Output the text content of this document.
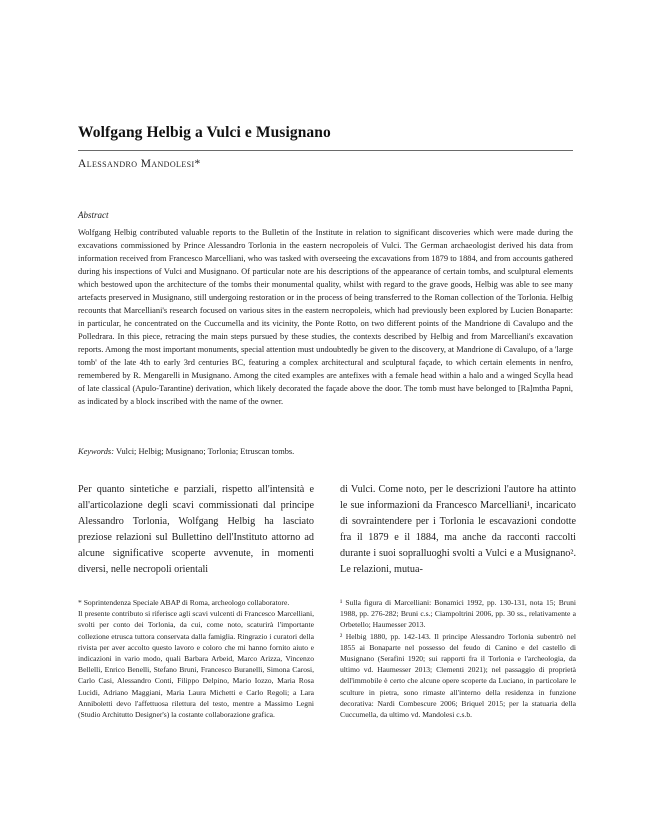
Wolfgang Helbig a Vulci e Musignano
Alessandro Mandolesi*
Abstract

Wolfgang Helbig contributed valuable reports to the Bulletin of the Institute in relation to significant discoveries which were made during the excavations commissioned by Prince Alessandro Torlonia in the eastern necropoleis of Vulci. The German archaeologist derived his data from information received from Francesco Marcelliani, who was tasked with overseeing the excavations from 1879 to 1884, and from accounts gathered during his inspections of Vulci and Musignano. Of particular note are his descriptions of the appearance of certain tombs, and sculptural elements which bestowed upon the architecture of the tombs their monumental quality, whilst with regard to the grave goods, Helbig was able to see many artefacts preserved in Musignano, still undergoing restoration or in the process of being transferred to the Roman collection of the Torlonia. Helbig recounts that Marcelliani's research focused on various sites in the eastern necropoleis, which had previously been explored by Lucien Bonaparte: in particular, he concentrated on the Cuccumella and its vicinity, the Ponte Rotto, on two different points of the Mandrione di Cavalupo and the Polledrara. In this piece, retracing the main steps pursued by these studies, the contexts described by Helbig and from Marcelliani's excavation reports. Among the most important monuments, special attention must undoubtedly be given to the discovery, at Mandrione di Cavalupo, of a 'large tomb' of the late 4th to early 3rd centuries BC, featuring a complex architectural and sculptural façade, to which certain elements in nenfro, remembered by R. Mengarelli in Musignano. Among the cited examples are antefixes with a female head within a halo and a winged Scylla head of late classical (Apulo-Tarantine) derivation, which likely decorated the façade above the door. The tomb must have belonged to [Ra]mtha Papni, as indicated by a block inscribed with the name of the owner.

Keywords: Vulci; Helbig; Musignano; Torlonia; Etruscan tombs.

Per quanto sintetiche e parziali, rispetto all'intensità e all'articolazione degli scavi commissionati dal principe Alessandro Torlonia, Wolfgang Helbig ha lasciato preziose relazioni sul Bullettino dell'Instituto attorno ad alcune significative scoperte avvenute, in momenti diversi, nelle necropoli orientali

di Vulci. Come noto, per le descrizioni l'autore ha attinto le sue informazioni da Francesco Marcelliani¹, incaricato di sovraintendere per i Torlonia le escavazioni condotte fra il 1879 e il 1884, ma anche da racconti raccolti durante i suoi sopralluoghi svolti a Vulci e a Musignano². Le relazioni, mutua-

* Soprintendenza Speciale ABAP di Roma, archeologo collaboratore.

Il presente contributo si riferisce agli scavi vulcenti di Francesco Marcelliani, svolti per conto dei Torlonia, da cui, come noto, scaturirà l'importante collezione etrusca tuttora conservata dalla famiglia. Ringrazio i curatori della rivista per aver accolto questo lavoro e coloro che mi hanno fornito aiuto e indicazioni in vario modo, quali Barbara Arbeid, Marco Arizza, Vincenzo Bellelli, Enrico Benelli, Stefano Bruni, Francesco Buranelli, Simona Carosi, Carlo Casi, Alessandro Conti, Filippo Delpino, Mario Iozzo, Maria Rosa Lucidi, Adriano Maggiani, Maria Laura Michetti e Carlo Regoli; a Lara Anniboletti devo l'affettuosa rilettura del testo, mentre a Massimo Legni (Studio Architutto Designer's) la costante collaborazione grafica.

¹ Sulla figura di Marcelliani: Bonamici 1992, pp. 130-131, nota 15; Bruni 1988, pp. 276-282; Bruni c.s.; Ciampoltrini 2006, pp. 30 ss., relativamente a Orbetello; Haumesser 2013.

² Helbig 1880, pp. 142-143. Il principe Alessandro Torlonia subentrò nel 1855 ai Bonaparte nel possesso del feudo di Canino e del castello di Musignano (Serafini 1920; sui rapporti fra il Torlonia e l'archeologia, da ultimo vd. Haumesser 2013; Clementi 2021); nel passaggio di proprietà dell'immobile è certo che alcune opere scoperte da Luciano, in particolare le sculture in pietra, sono rimaste all'interno della residenza in funzione decorativa: Nardi Combescure 2006; Briquel 2015; per la statuaria della Cuccumella, da ultimo vd. Mandolesi c.s.b.
